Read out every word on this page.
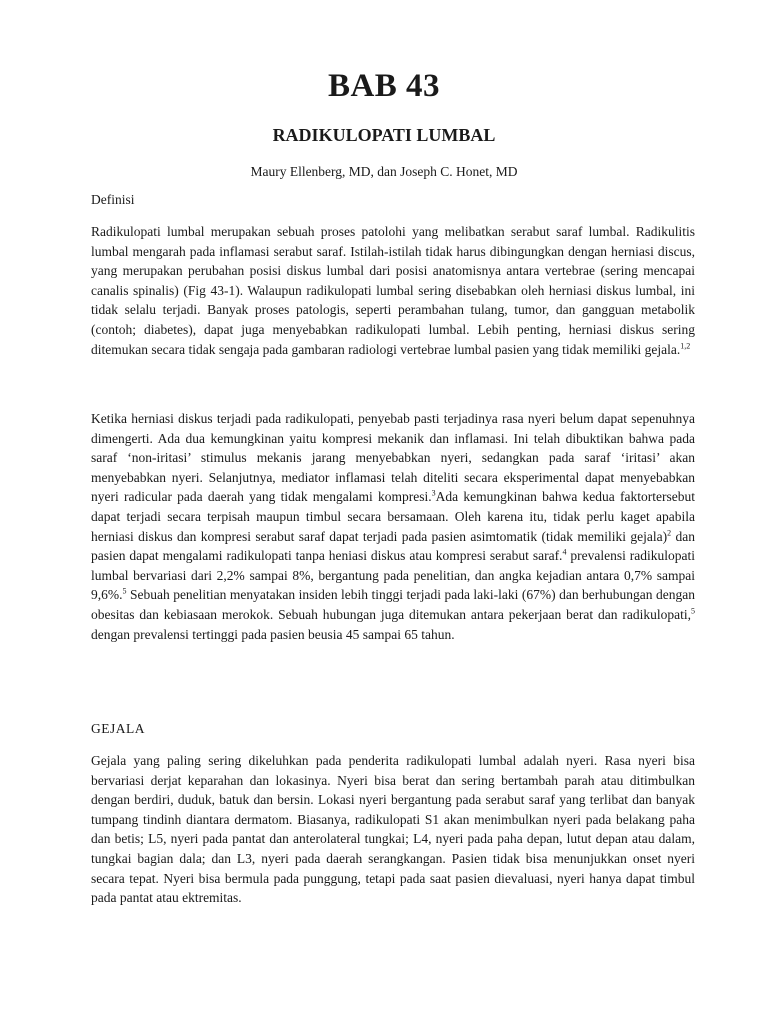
BAB 43
RADIKULOPATI LUMBAL
Maury Ellenberg, MD, dan Joseph C. Honet, MD
Definisi

Radikulopati lumbal merupakan sebuah proses patolohi yang melibatkan serabut saraf lumbal. Radikulitis lumbal mengarah pada inflamasi serabut saraf. Istilah-istilah tidak harus dibingungkan dengan herniasi discus, yang merupakan perubahan posisi diskus lumbal dari posisi anatomisnya antara vertebrae (sering mencapai canalis spinalis) (Fig 43-1). Walaupun radikulopati lumbal sering disebabkan oleh herniasi diskus lumbal, ini tidak selalu terjadi. Banyak proses patologis, seperti perambahan tulang, tumor, dan gangguan metabolik (contoh; diabetes), dapat juga menyebabkan radikulopati lumbal. Lebih penting, herniasi diskus sering ditemukan secara tidak sengaja pada gambaran radiologi vertebrae lumbal pasien yang tidak memiliki gejala.$^{1,2}$

Ketika herniasi diskus terjadi pada radikulopati, penyebab pasti terjadinya rasa nyeri belum dapat sepenuhnya dimengerti. Ada dua kemungkinan yaitu kompresi mekanik dan inflamasi. Ini telah dibuktikan bahwa pada saraf ‘non-iritasi’ stimulus mekanis jarang menyebabkan nyeri, sedangkan pada saraf ‘iritasi’ akan menyebabkan nyeri. Selanjutnya, mediator inflamasi telah diteliti secara eksperimental dapat menyebabkan nyeri radicular pada daerah yang tidak mengalami kompresi.$^3$Ada kemungkinan bahwa kedua faktortersebut dapat terjadi secara terpisah maupun timbul secara bersamaan. Oleh karena itu, tidak perlu kaget apabila herniasi diskus dan kompresi serabut saraf dapat terjadi pada pasien asimtomatik (tidak memiliki gejala)$^2$ dan pasien dapat mengalami radikulopati tanpa heniasi diskus atau kompresi serabut saraf.$^4$ prevalensi radikulopati lumbal bervariasi dari 2,2% sampai 8%, bergantung pada penelitian, dan angka kejadian antara 0,7% sampai 9,6%.$^5$ Sebuah penelitian menyatakan insiden lebih tinggi terjadi pada laki-laki (67%) dan berhubungan dengan obesitas dan kebiasaan merokok. Sebuah hubungan juga ditemukan antara pekerjaan berat dan radikulopati,$^5$ dengan prevalensi tertinggi pada pasien beusia 45 sampai 65 tahun.

GEJALA

Gejala yang paling sering dikeluhkan pada penderita radikulopati lumbal adalah nyeri. Rasa nyeri bisa bervariasi derjat keparahan dan lokasinya. Nyeri bisa berat dan sering bertambah parah atau ditimbulkan dengan berdiri, duduk, batuk dan bersin. Lokasi nyeri bergantung pada serabut saraf yang terlibat dan banyak tumpang tindinh diantara dermatom. Biasanya, radikulopati S1 akan menimbulkan nyeri pada belakang paha dan betis; L5, nyeri pada pantat dan anterolateral tungkai; L4, nyeri pada paha depan, lutut depan atau dalam, tungkai bagian dala; dan L3, nyeri pada daerah serangkangan. Pasien tidak bisa menunjukkan onset nyeri secara tepat. Nyeri bisa bermula pada punggung, tetapi pada saat pasien dievaluasi, nyeri hanya dapat timbul pada pantat atau ektremitas.
